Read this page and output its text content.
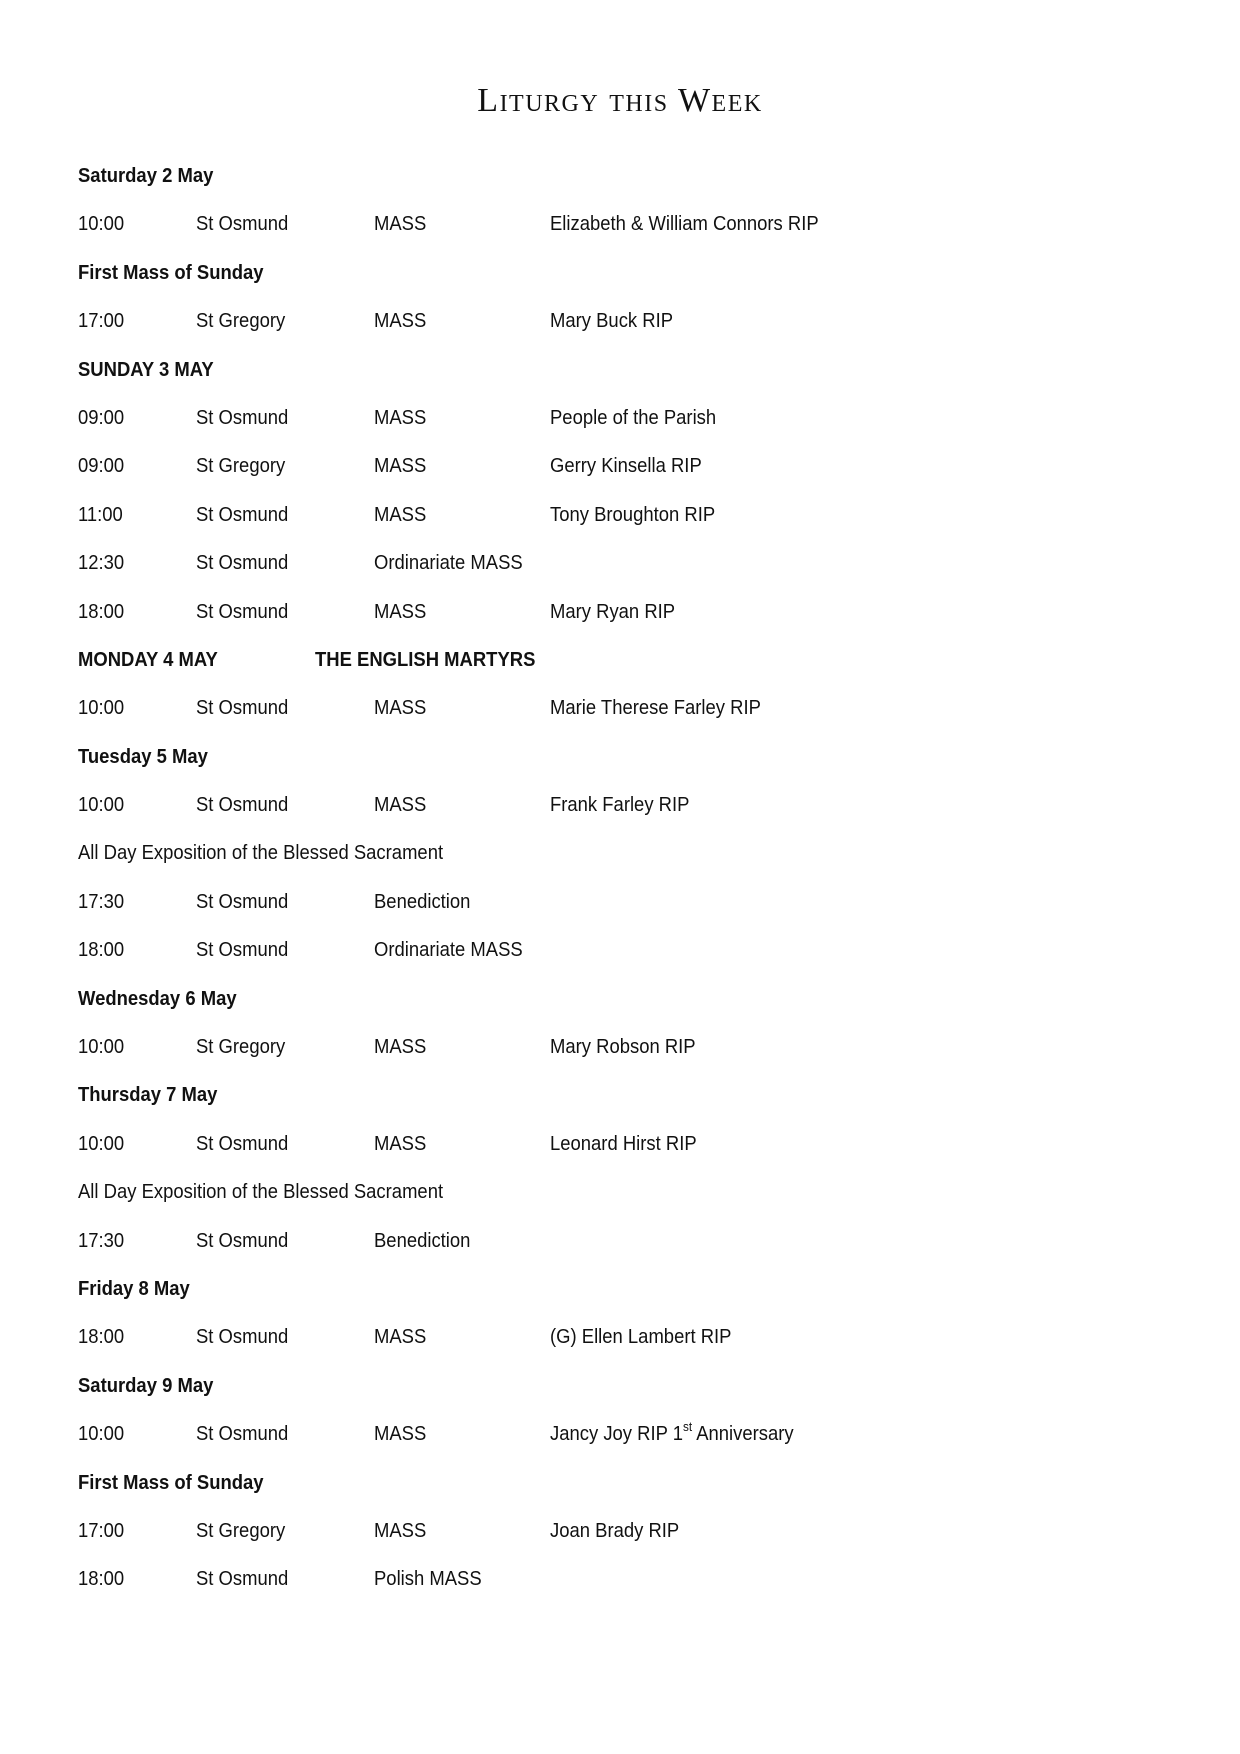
Liturgy this Week
Saturday 2 May
10:00	St Osmund	MASS	Elizabeth & William Connors RIP
First Mass of Sunday
17:00	St Gregory	MASS	Mary Buck RIP
SUNDAY 3 MAY
09:00	St Osmund	MASS	People of the Parish
09:00	St Gregory	MASS	Gerry Kinsella RIP
11:00	St Osmund	MASS	Tony Broughton RIP
12:30	St Osmund	Ordinariate MASS
18:00	St Osmund	MASS	Mary Ryan RIP
MONDAY 4 MAY	THE ENGLISH MARTYRS
10:00	St Osmund	MASS	Marie Therese Farley RIP
Tuesday 5 May
10:00	St Osmund	MASS	Frank Farley RIP
All Day Exposition of the Blessed Sacrament
17:30	St Osmund	Benediction
18:00	St Osmund	Ordinariate MASS
Wednesday 6 May
10:00	St Gregory	MASS	Mary Robson RIP
Thursday 7 May
10:00	St Osmund	MASS	Leonard Hirst RIP
All Day Exposition of the Blessed Sacrament
17:30	St Osmund	Benediction
Friday 8 May
18:00	St Osmund	MASS	(G) Ellen Lambert RIP
Saturday 9 May
10:00	St Osmund	MASS	Jancy Joy RIP 1st Anniversary
First Mass of Sunday
17:00	St Gregory	MASS	Joan Brady RIP
18:00	St Osmund	Polish MASS
